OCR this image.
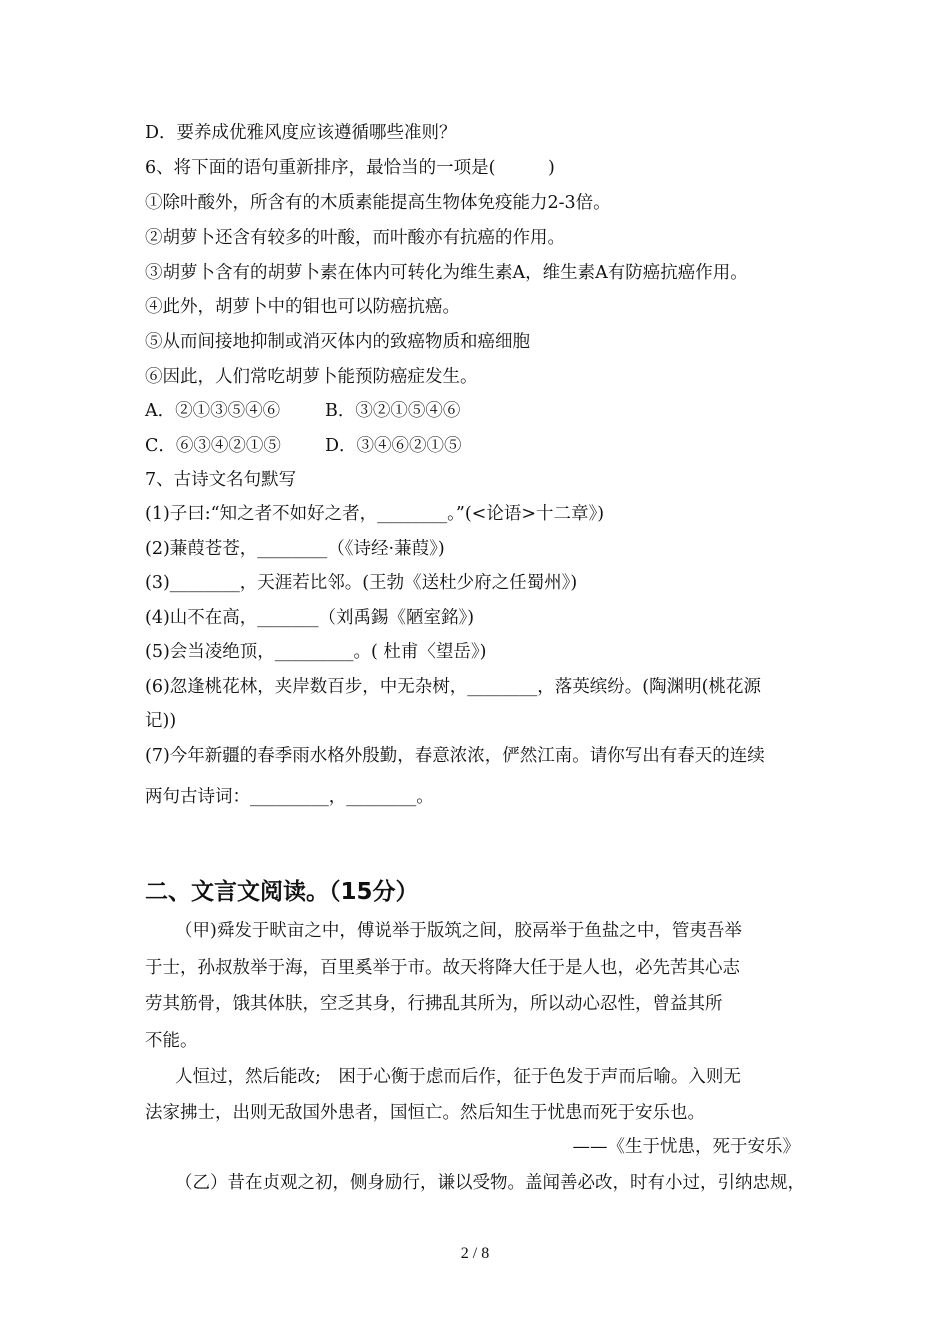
D．要养成优雅风度应该遵循哪些准则？
6、将下面的语句重新排序，最恰当的一项是(　　　)
①除叶酸外，所含有的木质素能提高生物体免疫能力2-3倍。
②胡萝卜还含有较多的叶酸，而叶酸亦有抗癌的作用。
③胡萝卜含有的胡萝卜素在体内可转化为维生素A，维生素A有防癌抗癌作用。
④此外，胡萝卜中的钼也可以防癌抗癌。
⑤从而间接地抑制或消灭体内的致癌物质和癌细胞
⑥因此，人们常吃胡萝卜能预防癌症发生。
A．②①③⑤④⑥	B．③②①⑤④⑥
C．⑥③④②①⑤	D．③④⑥②①⑤
7、古诗文名句默写
(1)子曰:“知之者不如好之者，________。”(<论语>十二章》)
(2)蒹葭苍苍，________（《诗经·蒹葭》)
(3)________，天涯若比邻。(王勃《送杜少府之任蜀州》)
(4)山不在高，_______（刘禹錫《陋室銘》)
(5)会当凌绝顶，_________。( 杜甫〈望岳》)
(6)忽逢桃花林，夹岸数百步，中无杂树，________，落英缤纷。(陶渊明(桃花源
记))
(7)今年新疆的春季雨水格外殷勤，春意浓浓，俨然江南。请你写出有春天的连续
两句古诗词：_________，________。
二、文言文阅读。（15分）
（甲)舜发于畎亩之中，傅说举于版筑之间，胶鬲举于鱼盐之中，管夷吾举
于士，孙叔敖举于海，百里奚举于市。故天将降大任于是人也，必先苦其心志
劳其筋骨，饿其体肤，空乏其身，行拂乱其所为，所以动心忍性，曾益其所
不能。
人恒过，然后能改;　困于心衡于虑而后作，征于色发于声而后喻。入则无
法家拂士，出则无敌国外患者，国恒亡。然后知生于忧患而死于安乐也。
——《生于忧患，死于安乐》
（乙）昔在贞观之初，侧身励行，谦以受物。盖闻善必改，时有小过，引纳忠规，
2 / 8
